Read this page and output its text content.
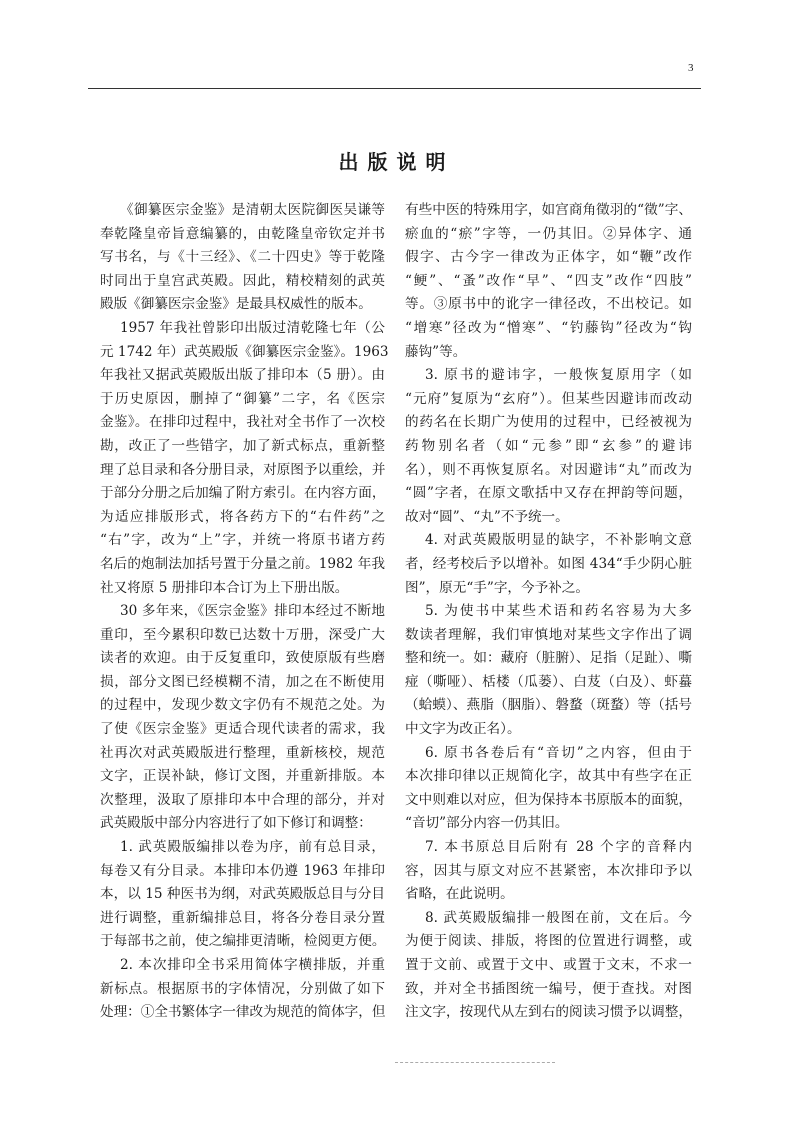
3
出版说明
《御纂医宗金鉴》是清朝太医院御医吴谦等
奉乾隆皇帝旨意编纂的，由乾隆皇帝钦定并书
写书名，与《十三经》、《二十四史》等于乾隆
时同出于皇宫武英殿。因此，精校精刻的武英
殿版《御纂医宗金鉴》是最具权威性的版本。
1957 年我社曾影印出版过清乾隆七年（公
元 1742 年）武英殿版《御纂医宗金鉴》。1963
年我社又据武英殿版出版了排印本（5 册）。由
于历史原因，删掉了“御纂”二字，名《医宗
金鉴》。在排印过程中，我社对全书作了一次校
勘，改正了一些错字，加了新式标点，重新整
理了总目录和各分册目录，对原图予以重绘，并
于部分分册之后加编了附方索引。在内容方面，
为适应排版形式，将各药方下的“右件药”之
“右”字，改为“上”字，并统一将原书诸方药
名后的炮制法加括号置于分量之前。1982 年我
社又将原 5 册排印本合订为上下册出版。
30 多年来，《医宗金鉴》排印本经过不断地
重印，至今累积印数已达数十万册，深受广大
读者的欢迎。由于反复重印，致使原版有些磨
损，部分文图已经模糊不清，加之在不断使用
的过程中，发现少数文字仍有不规范之处。为
了使《医宗金鉴》更适合现代读者的需求，我
社再次对武英殿版进行整理，重新核校，规范
文字，正误补缺，修订文图，并重新排版。本
次整理，汲取了原排印本中合理的部分，并对
武英殿版中部分内容进行了如下修订和调整：
1. 武英殿版编排以卷为序，前有总目录，
每卷又有分目录。本排印本仍遵 1963 年排印
本，以 15 种医书为纲，对武英殿版总目与分目
进行调整，重新编排总目，将各分卷目录分置
于每部书之前，使之编排更清晰，检阅更方便。
2. 本次排印全书采用简体字横排版，并重
新标点。根据原书的字体情况，分别做了如下
处理：①全书繁体字一律改为规范的简体字，但
有些中医的特殊用字，如宫商角徵羽的“徵”字、
瘀血的“瘀”字等，一仍其旧。②异体字、通
假字、古今字一律改为正体字，如“鞭”改作
“鲠”、“蚤”改作“早”、“四支”改作“四肢”
等。③原书中的讹字一律径改，不出校记。如
“增寒”径改为“憎寒”、“钓藤钩”径改为“钩
藤钩”等。
3. 原书的避讳字，一般恢复原用字（如
“元府”复原为“玄府”）。但某些因避讳而改动
的药名在长期广为使用的过程中，已经被视为
药物别名者（如“元参”即“玄参”的避讳
名），则不再恢复原名。对因避讳“丸”而改为
“圆”字者，在原文歌括中又存在押韵等问题，
故对“圆”、“丸”不予统一。
4. 对武英殿版明显的缺字，不补影响文意
者，经考校后予以增补。如图 434“手少阴心脏
图”，原无“手”字，今予补之。
5. 为使书中某些术语和药名容易为大多
数读者理解，我们审慎地对某些文字作出了调
整和统一。如：藏府（脏腑）、足指（足趾）、嘶
痖（嘶哑）、栝楼（瓜蒌）、白芨（白及）、虾蟇
（蛤蟆）、燕脂（胭脂）、磐蝥（斑蝥）等（括号
中文字为改正名）。
6. 原书各卷后有“音切”之内容，但由于
本次排印律以正规简化字，故其中有些字在正
文中则难以对应，但为保持本书原版本的面貌，
“音切”部分内容一仍其旧。
7. 本书原总目后附有 28 个字的音释内
容，因其与原文对应不甚紧密，本次排印予以
省略，在此说明。
8. 武英殿版编排一般图在前，文在后。今
为便于阅读、排版，将图的位置进行调整，或
置于文前、或置于文中、或置于文末，不求一
致，并对全书插图统一编号，便于查找。对图
注文字，按现代从左到右的阅读习惯予以调整，
